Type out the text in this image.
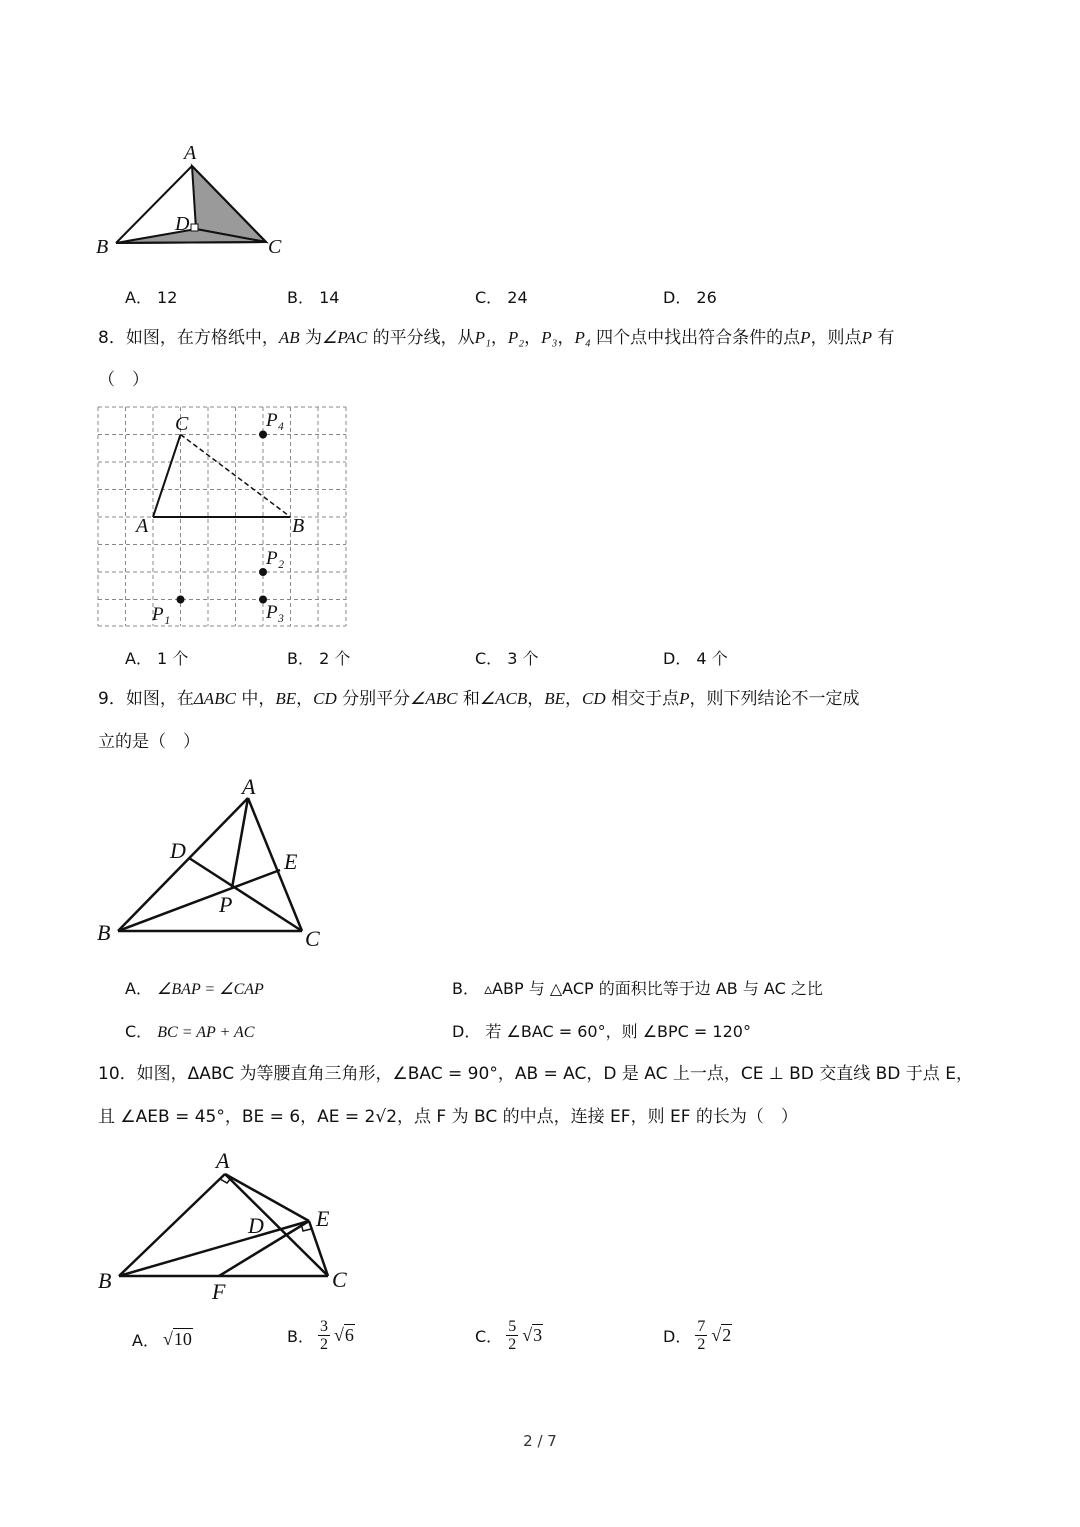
A
B	C
D
A． 12	B． 14	C． 24	D． 26
8．如图，在方格纸中，AB 为∠PAC 的平分线，从P₁，P₂，P₃，P₄ 四个点中找出符合条件的点P，则点P 有
（　）
C
A	B
P₄
P₂
P₃
P₁
A． 1 个	B． 2 个	C． 3 个	D． 4 个
9．如图，在ΔABC 中，BE，CD 分别平分∠ABC 和∠ACB，BE，CD 相交于点P，则下列结论不一定成
立的是（　）
A
B	C
D	E
P
A． ∠BAP = ∠CAP	B． ▵ABP 与 △ACP 的面积比等于边 AB 与 AC 之比
C． BC = AP + AC	D． 若 ∠BAC = 60°，则 ∠BPC = 120°
10．如图，ΔABC 为等腰直角三角形，∠BAC = 90°，AB = AC，D 是 AC 上一点，CE ⊥ BD 交直线 BD 于点 E，
且 ∠AEB = 45°，BE = 6，AE = 2√2，点 F 为 BC 的中点，连接 EF，则 EF 的长为（　）
A
B	C
D E
F
A． √10	B． $\frac{3}{2} √6$	C． $\frac{5}{2} √3$	D． $\frac{7}{2} √2$
2 / 7
